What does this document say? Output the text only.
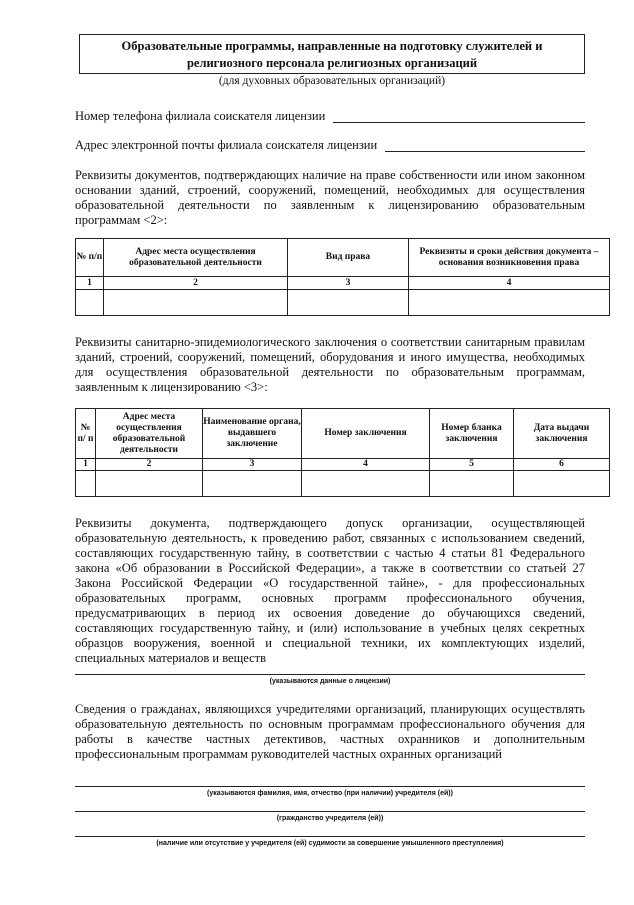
Образовательные программы, направленные на подготовку служителей и
религиозного персонала религиозных организаций
(для духовных образовательных организаций)
Номер телефона филиала соискателя лицензии
Адрес электронной почты филиала соискателя лицензии
Реквизиты документов, подтверждающих наличие на праве собственности или ином законном основании зданий, строений, сооружений, помещений, необходимых для осуществления образовательной деятельности по заявленным к лицензированию образовательным программам <2>:
№ п/п	Адрес места осуществления образовательной деятельности	Вид права	Реквизиты и сроки действия документа – основания возникновения права
1	2	3	4

Реквизиты санитарно-эпидемиологического заключения о соответствии санитарным правилам зданий, строений, сооружений, помещений, оборудования и иного имущества, необходимых для осуществления образовательной деятельности по образовательным программам, заявленным к лицензированию <3>:
№ п/ п	Адрес места осуществления образовательной деятельности	Наименование органа, выдавшего заключение	Номер заключения	Номер бланка заключения	Дата выдачи заключения
1	2	3	4	5	6

Реквизиты документа, подтверждающего допуск организации, осуществляющей образовательную деятельность, к проведению работ, связанных с использованием сведений, составляющих государственную тайну, в соответствии с частью 4 статьи 81 Федерального закона «Об образовании в Российской Федерации», а также в соответствии со статьей 27 Закона Российской Федерации «О государственной тайне», - для профессиональных образовательных программ, основных программ профессионального обучения, предусматривающих в период их освоения доведение до обучающихся сведений, составляющих государственную тайну, и (или) использование в учебных целях секретных образцов вооружения, военной и специальной техники, их комплектующих изделий, специальных материалов и веществ
(указываются данные о лицензии)
Сведения о гражданах, являющихся учредителями организаций, планирующих осуществлять образовательную деятельность по основным программам профессионального обучения для работы в качестве частных детективов, частных охранников и дополнительным профессиональным программам руководителей частных охранных организаций
(указываются фамилия, имя, отчество (при наличии) учредителя (ей))
(гражданство учредителя (ей))
(наличие или отсутствие у учредителя (ей) судимости за совершение умышленного преступления)
